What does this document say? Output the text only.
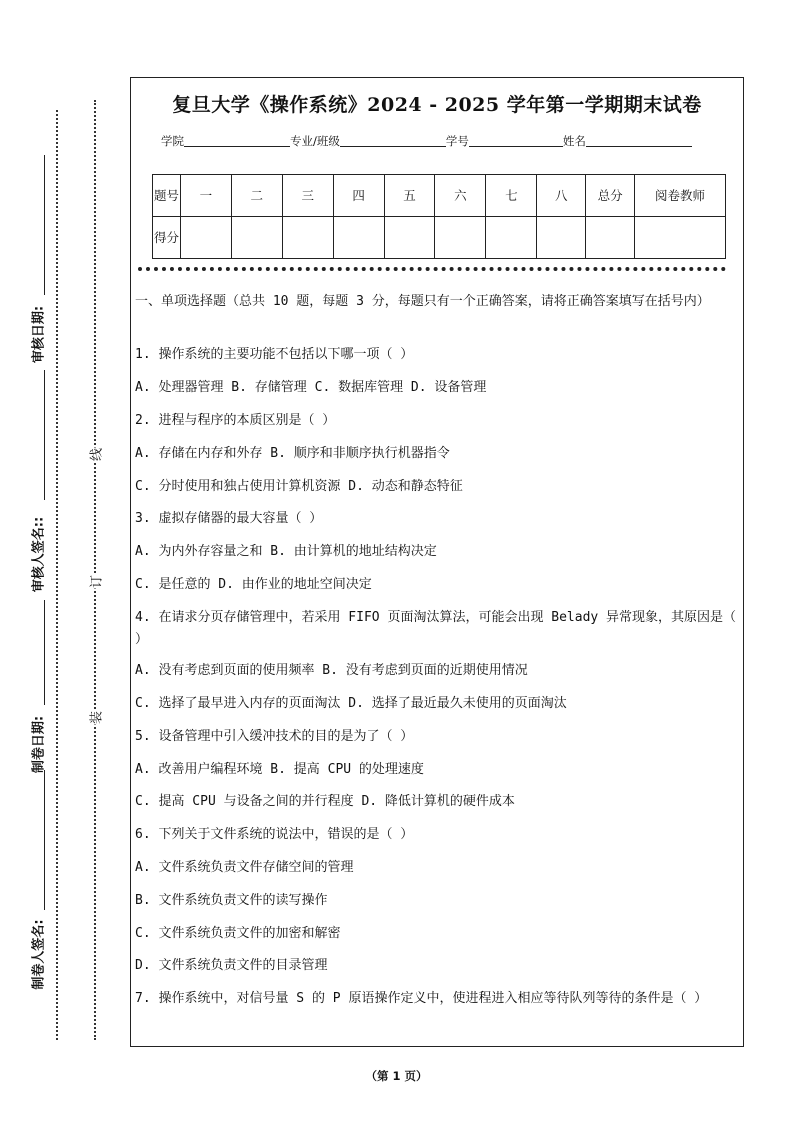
审核日期:
审核人签名::
制卷日期:
制卷人签名:
线
订
装
复旦大学《操作系统》2024 - 2025 学年第一学期期末试卷
学院	专业/班级	学号	姓名
题号	一	二	三	四	五	六	七	八	总分	阅卷教师
得分										

一、单项选择题（总共 10 题，每题 3 分，每题只有一个正确答案，请将正确答案填写在括号内）

1. 操作系统的主要功能不包括以下哪一项（ ）

A. 处理器管理 B. 存储管理 C. 数据库管理 D. 设备管理

2. 进程与程序的本质区别是（ ）

A. 存储在内存和外存 B. 顺序和非顺序执行机器指令

C. 分时使用和独占使用计算机资源 D. 动态和静态特征

3. 虚拟存储器的最大容量（ ）

A. 为内外存容量之和 B. 由计算机的地址结构决定

C. 是任意的 D. 由作业的地址空间决定

4. 在请求分页存储管理中，若采用 FIFO 页面淘汰算法，可能会出现 Belady 异常现象，其原因是（ ）

A. 没有考虑到页面的使用频率 B. 没有考虑到页面的近期使用情况

C. 选择了最早进入内存的页面淘汰 D. 选择了最近最久未使用的页面淘汰

5. 设备管理中引入缓冲技术的目的是为了（ ）

A. 改善用户编程环境 B. 提高 CPU 的处理速度

C. 提高 CPU 与设备之间的并行程度 D. 降低计算机的硬件成本

6. 下列关于文件系统的说法中，错误的是（ ）

A. 文件系统负责文件存储空间的管理

B. 文件系统负责文件的读写操作

C. 文件系统负责文件的加密和解密

D. 文件系统负责文件的目录管理

7. 操作系统中，对信号量 S 的 P 原语操作定义中，使进程进入相应等待队列等待的条件是（ ）

（第 1 页）
